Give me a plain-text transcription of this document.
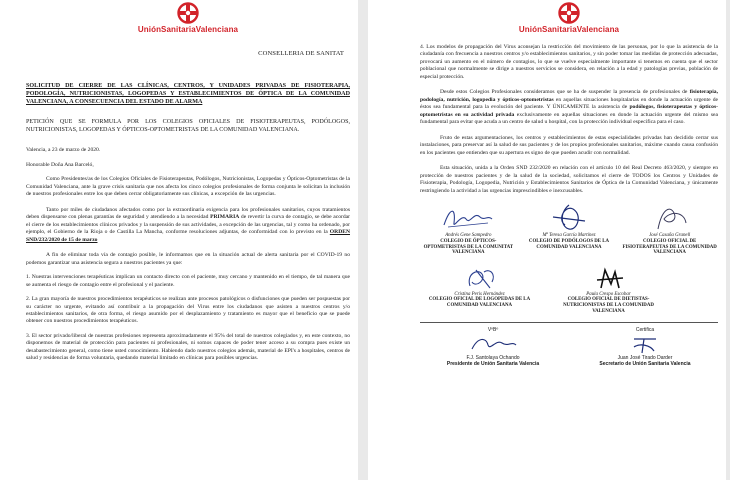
UniónSanitariaValenciana
CONSELLERIA DE SANITAT

SOLICITUD DE CIERRE DE LAS CLÍNICAS, CENTROS, Y UNIDADES PRIVADAS DE FISIOTERAPIA, PODOLOGÍA, NUTRICIONISTAS, LOGOPEDAS Y ESTABLECIMIENTOS DE ÓPTICA DE LA COMUNIDAD VALENCIANA, A CONSECUENCIA DEL ESTADO DE ALARMA

PETICIÓN QUE SE FORMULA POR LOS COLEGIOS OFICIALES DE FISIOTERAPEUTAS, PODÓLOGOS, NUTRICIONISTAS, LOGOPEDAS Y ÓPTICOS-OPTOMETRISTAS DE LA COMUNIDAD VALENCIANA.

Valencia, a 23 de marzo de 2020.

Honorable Doña Ana Barceló,

Como Presidentes/as de los Colegios Oficiales de Fisioterapeutas, Podólogos, Nutricionistas, Logopedas y Ópticos-Optometristas de la Comunidad Valenciana, ante la grave crisis sanitaria que nos afecta los cinco colegios profesionales de forma conjunta le solicitan la inclusión de nuestros profesionales entre los que deben cerrar obligatoriamente sus clínicas, a excepción de las urgencias.

Tanto por miles de ciudadanos afectados como por la extraordinaria exigencia para los profesionales sanitarios, cuyos tratamientos deben dispensarse con plenas garantías de seguridad y atendiendo a la necesidad PRIMARIA de revertir la curva de contagio, se debe acordar el cierre de los establecimientos clínicos privados y la suspensión de sus actividades, a excepción de las urgencias, tal y como ha ordenado, por ejemplo, el Gobierno de la Rioja o de Castilla La Mancha, conforme resoluciones adjuntas, de conformidad con lo previsto en la ORDEN SND/232/2020 de 15 de marzo

A fin de eliminar toda vía de contagio posible, le informamos que en la situación actual de alerta sanitaria por el COVID-19 no podemos garantizar una asistencia segura a nuestros pacientes ya que:

1. Nuestras intervenciones terapéuticas implican un contacto directo con el paciente, muy cercano y mantenido en el tiempo, de tal manera que se aumenta el riesgo de contagio entre el profesional y el paciente.

2. La gran mayoría de nuestros procedimientos terapéuticos se realizan ante procesos patológicos o disfunciones que pueden ser pospuestas por su carácter no urgente, evitando así contribuir a la propagación del Virus entre los ciudadanos que asisten a nuestros centros y/o establecimientos sanitarios, de otra forma, el riesgo asumido por el desplazamiento y tratamiento es mayor que el beneficio que se puede obtener con nuestros procedimientos terapéuticos.

3. El sector privado/liberal de nuestras profesiones representa aproximadamente el 95% del total de nuestros colegiados y, en este contexto, no disponemos de material de protección para pacientes ni profesionales, ni somos capaces de poder tener acceso a su compra pues existe un desabastecimiento general, como tiene usted conocimiento. Habiendo dado nuestros colegios además, material de EPI's a hospitales, centros de salud y residencias de forma voluntaria, quedando material limitado en clínicas para posibles urgencias.

UniónSanitariaValenciana

4. Los modelos de propagación del Virus aconsejan la restricción del movimiento de las personas, por lo que la asistencia de la ciudadanía con frecuencia a nuestros centros y/o establecimientos sanitarios, y sin poder tomar las medidas de protección adecuadas, provocará un aumento en el número de contagios, lo que se vuelve especialmente importante si tenemos en cuenta que el sector poblacional que normalmente se dirige a nuestros servicios se considera, en relación a la edad y patologías previas, población de especial protección.

Desde estos Colegios Profesionales consideramos que se ha de suspender la presencia de profesionales de fisioterapia, podología, nutrición, logopedia y ópticos-optometristas en aquellas situaciones hospitalarias en donde la actuación urgente de éstos sea fundamental para la evolución del paciente. Y ÚNICAMENTE la asistencia de podólogos, fisioterapeutas y ópticos-optometristas en su actividad privada exclusivamente en aquellas situaciones en donde la actuación urgente del mismo sea fundamental para evitar que acuda a un centro de salud u hospital, con la protección individual específica para el caso.

Fruto de estas argumentaciones, los centros y establecimientos de estas especialidades privadas han decidido cerrar sus instalaciones, para preservar así la salud de sus pacientes y de los propios profesionales sanitarios, máxime cuando causa confusión en los pacientes que entienden que su apertura es signo de que pueden acudir con normalidad.

Esta situación, unida a la Orden SND 232/2020 en relación con el artículo 10 del Real Decreto 463/2020, y siempre en protección de nuestros pacientes y de la salud de la sociedad, solicitamos el cierre de TODOS los Centros y Unidades de Fisioterapia, Podología, Logopedia, Nutrición y Establecimientos Sanitarios de Óptica de la Comunidad Valenciana, y únicamente restringiendo la actividad a las urgencias imprescindibles e inexcusables.

Andrés Gene Sampedro
COLEGIO DE ÓPTICOS-OPTOMETRISTAS DE LA COMUNITAT VALENCIANA
Mª Teresa García Martínez
COLEGIO DE PODÓLOGOS DE LA COMUNIDAD VALENCIANA
José Casaña Granell
COLEGIO OFICIAL DE FISIOTERAPEUTAS DE LA COMUNIDAD VALENCIANA
Cristina Peris Hernández
COLEGIO OFICIAL DE LOGOPEDAS DE LA COMUNIDAD VALENCIANA
Paula Crespo Escobar
COLEGIO OFICIAL DE DIETISTAS-NUTRICIONISTAS DE LA COMUNIDAD VALENCIANA
VºBº
F.J. Santolaya Ochando
Presidente de Unión Sanitaria Valencia
Certifica
Juan José Tirado Darder
Secretario de Unión Sanitaria Valencia
